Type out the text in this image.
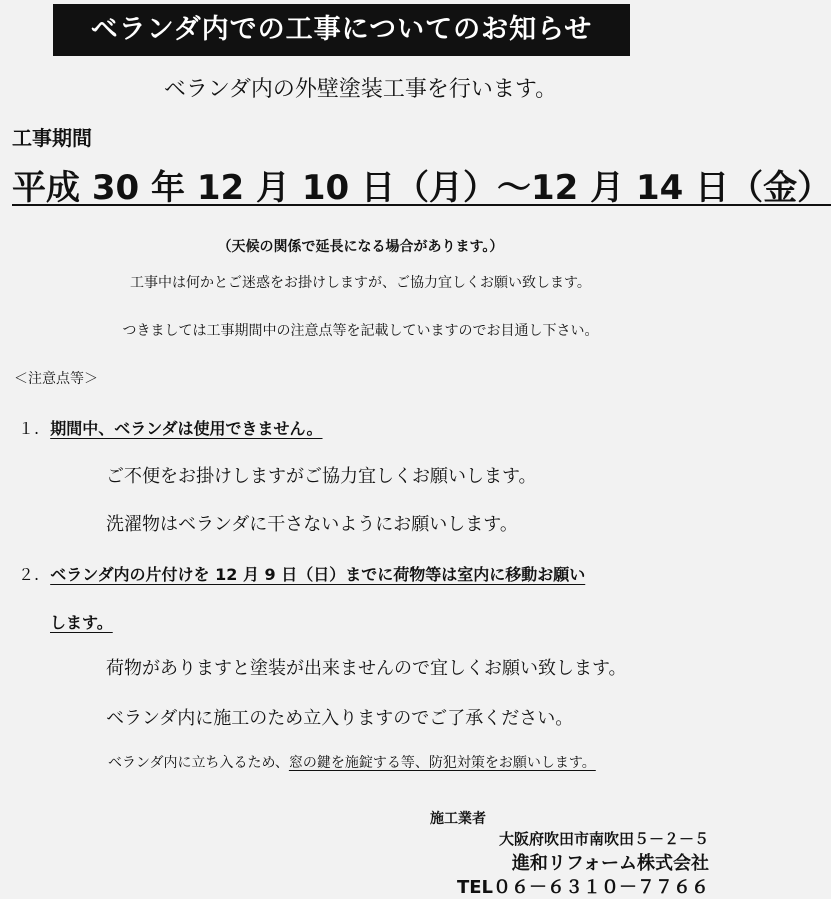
ベランダ内での工事についてのお知らせ
ベランダ内の外壁塗装工事を行います。
工事期間
平成 30 年 12 月 10 日（月）～12 月 14 日（金）
（天候の関係で延長になる場合があります。）
工事中は何かとご迷惑をお掛けしますが、ご協力宜しくお願い致します。
つきましては工事期間中の注意点等を記載していますのでお目通し下さい。
＜注意点等＞
１. 期間中、ベランダは使用できません。
ご不便をお掛けしますがご協力宜しくお願いします。
洗濯物はベランダに干さないようにお願いします。
２. ベランダ内の片付けを 12 月 9 日（日）までに荷物等は室内に移動お願い
します。
荷物がありますと塗装が出来ませんので宜しくお願い致します。
ベランダ内に施工のため立入りますのでご了承ください。
ベランダ内に立ち入るため、窓の鍵を施錠する等、防犯対策をお願いします。
施工業者
大阪府吹田市南吹田５－２－５
進和リフォーム株式会社
TEL０６－６３１０－７７６６
